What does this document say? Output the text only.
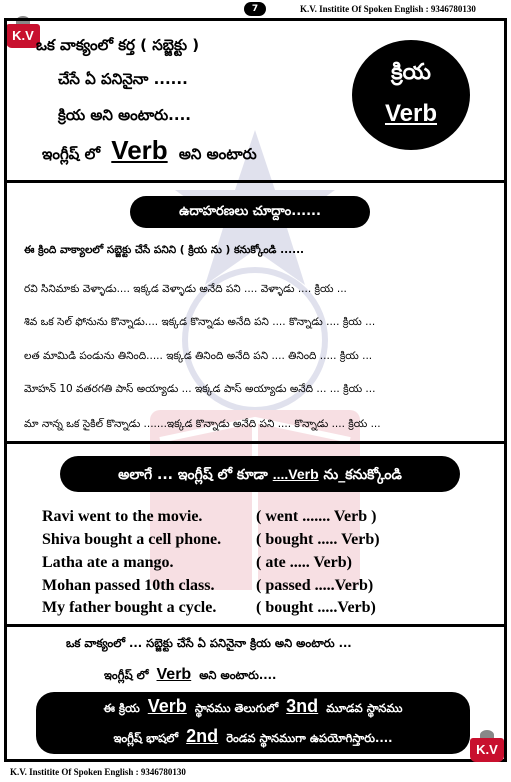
7	K.V. Institite Of Spoken English : 9346780130
K.V
ఒక వాక్యంలో కర్త ( సబ్జెక్టు )
చేసే ఏ పనినైనా ......
క్రియ అని అంటారు....
ఇంగ్లీష్ లో Verb అని అంటారు
క్రియ
Verb
ఉదాహరణలు చూద్దాం......
ఈ క్రింది వాక్యాలలో సబ్జెక్టు చేసే పనిని ( క్రియ ను ) కనుక్కోండి ......
రవి సినిమాకు వెళ్ళాడు.... ఇక్కడ వెళ్ళాడు అనేది పని .... వెళ్ళాడు .... క్రియ ...
శివ ఒక సెల్ ఫోనును కొన్నాడు.... ఇక్కడ కొన్నాడు అనేది పని .... కొన్నాడు .... క్రియ ...
లత మామిడి పండును తినింది..... ఇక్కడ తినింది అనేది పని .... తినింది ..... క్రియ ...
మోహన్ 10 వతరగతి పాస్ అయ్యాడు ... ఇక్కడ పాస్ అయ్యాడు అనేది ... ... క్రియ ...
మా నాన్న ఒక సైకిల్ కొన్నాడు .......ఇక్కడ కొన్నాడు అనేది పని .... కొన్నాడు .... క్రియ ...
అలాగే ... ఇంగ్లీష్ లో కూడా ....Verb ను_కనుక్కోండి
Ravi went to the movie.	( went ....... Verb )
Shiva bought a cell phone. ( bought ..... Verb)
Latha ate a mango.	( ate ..... Verb)
Mohan passed 10th class.	( passed .....Verb)
My father bought a cycle. ( bought .....Verb)
ఒక వాక్యంలో ... సబ్జెక్టు చేసే ఏ పనినైనా క్రియ అని అంటారు ...
ఇంగ్లీష్ లో Verb అని అంటారు....
ఈ క్రియ Verb స్థానము తెలుగులో 3nd మూడవ స్థానము
ఇంగ్లీష్ భాషలో 2nd రెండవ స్థానముగా ఉపయోగిస్తారు....
K.V
K.V. Institite Of Spoken English : 9346780130
